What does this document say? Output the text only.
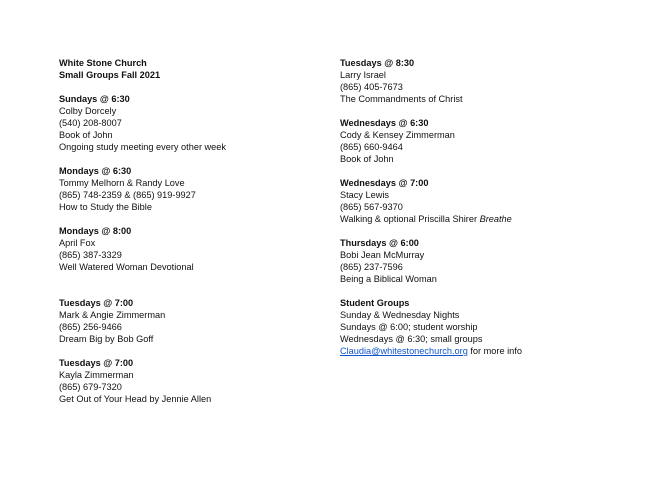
White Stone Church
Small Groups Fall 2021
Sundays @ 6:30
Colby Dorcely
(540) 208-8007
Book of John
Ongoing study meeting every other week
Mondays @ 6:30
Tommy Melhorn & Randy Love
(865) 748-2359 & (865) 919-9927
How to Study the Bible
Mondays @ 8:00
April Fox
(865) 387-3329
Well Watered Woman Devotional
Tuesdays @ 7:00
Mark & Angie Zimmerman
(865) 256-9466
Dream Big by Bob Goff
Tuesdays @ 7:00
Kayla Zimmerman
(865) 679-7320
Get Out of Your Head by Jennie Allen
Tuesdays @ 8:30
Larry Israel
(865) 405-7673
The Commandments of Christ
Wednesdays @ 6:30
Cody & Kensey Zimmerman
(865) 660-9464
Book of John
Wednesdays @ 7:00
Stacy Lewis
(865) 567-9370
Walking & optional Priscilla Shirer Breathe
Thursdays @ 6:00
Bobi Jean McMurray
(865) 237-7596
Being a Biblical Woman
Student Groups
Sunday & Wednesday Nights
Sundays @ 6:00; student worship
Wednesdays @ 6:30; small groups
Claudia@whitestonechurch.org for more info
